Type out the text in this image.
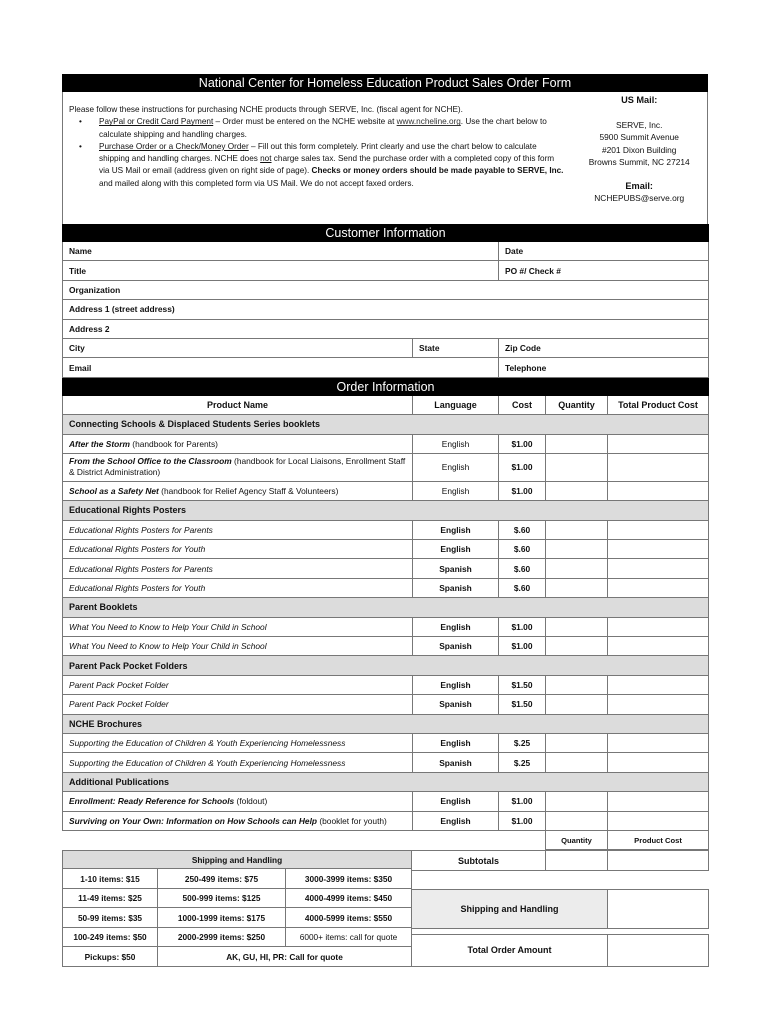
National Center for Homeless Education Product Sales Order Form
Please follow these instructions for purchasing NCHE products through SERVE, Inc. (fiscal agent for NCHE).
• PayPal or Credit Card Payment – Order must be entered on the NCHE website at www.ncheline.org. Use the chart below to calculate shipping and handling charges.
• Purchase Order or a Check/Money Order – Fill out this form completely. Print clearly and use the chart below to calculate shipping and handling charges. NCHE does not charge sales tax. Send the purchase order with a completed copy of this form via US Mail or email (address given on right side of page). Checks or money orders should be made payable to SERVE, Inc. and mailed along with this completed form via US Mail. We do not accept faxed orders.
US Mail:
SERVE, Inc.
5900 Summit Avenue
#201 Dixon Building
Browns Summit, NC 27214
Email:
NCHEPUBS@serve.org
Customer Information		
Name		Date
Title		PO #/ Check #
Organization		
Address 1 (street address)		
Address 2		
City	State	Zip Code
Email		Telephone
Order Information				
Product Name	Language	Cost	Quantity	Total Product Cost
Connecting Schools & Displaced Students Series booklets				
After the Storm (handbook for Parents)	English	$1.00		
From the School Office to the Classroom (handbook for Local Liaisons, Enrollment Staff & District Administration)	English	$1.00		
School as a Safety Net (handbook for Relief Agency Staff & Volunteers)	English	$1.00		
Educational Rights Posters				
Educational Rights Posters for Parents	English	$.60		
Educational Rights Posters for Youth	English	$.60		
Educational Rights Posters for Parents	Spanish	$.60		
Educational Rights Posters for Youth	Spanish	$.60		
Parent Booklets				
What You Need to Know to Help Your Child in School	English	$1.00		
What You Need to Know to Help Your Child in School	Spanish	$1.00		
Parent Pack Pocket Folders				
Parent Pack Pocket Folder	English	$1.50		
Parent Pack Pocket Folder	Spanish	$1.50		
NCHE Brochures				
Supporting the Education of Children & Youth Experiencing Homelessness	English	$.25		
Supporting the Education of Children & Youth Experiencing Homelessness	Spanish	$.25		
Additional Publications				
Enrollment: Ready Reference for Schools (foldout)	English	$1.00		
Surviving on Your Own: Information on How Schools can Help (booklet for youth)	English	$1.00		
			Quantity	Product Cost
Shipping and Handling		
1-10 items: $15	250-499 items: $75	3000-3999 items: $350
11-49 items: $25	500-999 items: $125	4000-4999 items: $450
50-99 items: $35	1000-1999 items: $175	4000-5999 items: $550
100-249 items: $50	2000-2999 items: $250	6000+ items: call for quote
Pickups: $50	AK, GU, HI, PR: Call for quote	
Subtotals		

Shipping and Handling		

Total Order Amount		
